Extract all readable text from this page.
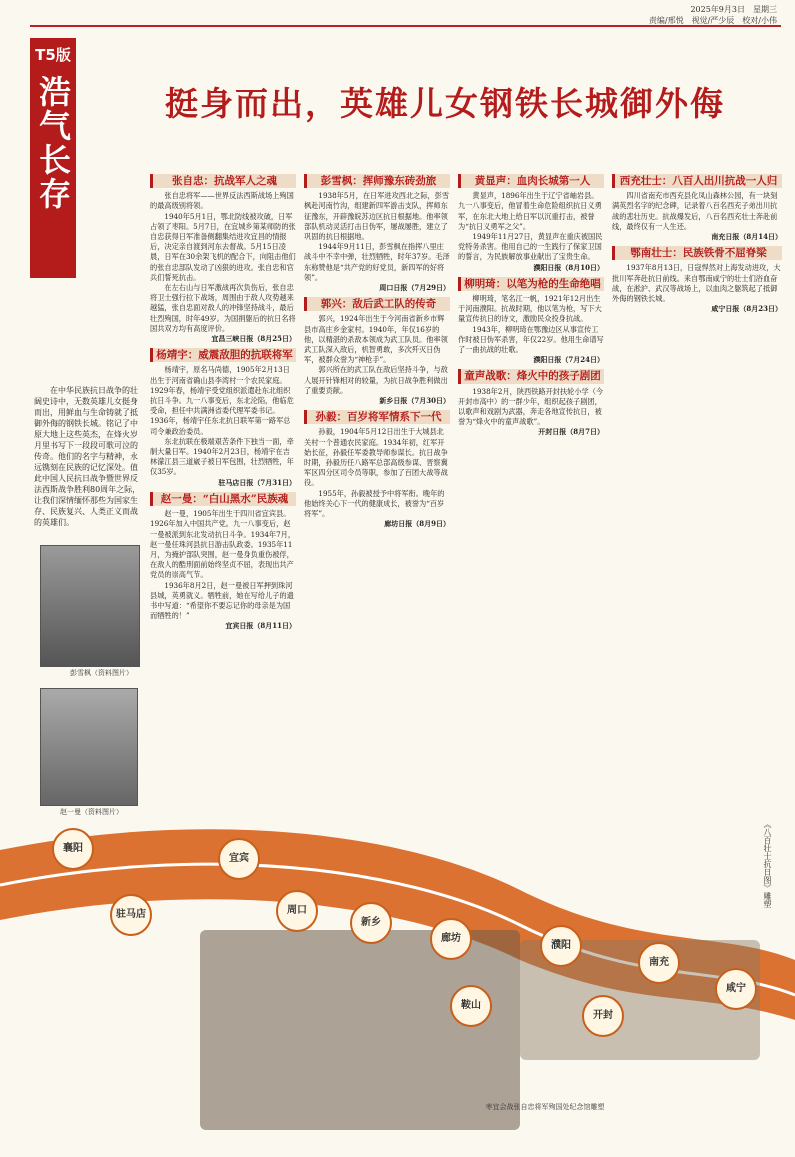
2025年9月3日　星期三
责编/邢悦　视觉/严少辰　校对/小伟
T5版
浩气长存	挺身而出，英雄儿女钢铁长城御外侮
在中华民族抗日战争的壮阔史诗中，无数英雄儿女挺身而出，用鲜血与生命铸就了抵御外侮的钢铁长城。铭记了中原大地上这些英杰，在烽火岁月里书写下一段段可歌可泣的传奇。他们的名字与精神，永远镌刻在民族的记忆深处。值此中国人民抗日战争暨世界反法西斯战争胜利80周年之际，让我们深情缅怀那些为国家生存、民族复兴、人类正义而战的英雄们。
彭雪枫（资料图片）
赵一曼（资料图片）
张自忠：抗战军人之魂

张自忠将军——世界反法西斯战场上殉国的最高级别将领。

1940年5月1日，鄂北防线被攻破，日军占领了枣阳。5月7日，在宜城乡第某师防的张自忠获得日军准备侧翻集结进攻宜昌的情报后，决定亲自渡到河东去督战。5月15日凌晨，日军在30余架飞机的配合下，向阻击他们的张自忠部队发动了凶狠的进攻。张自忠和官兵们誓死抗击。

在左右山与日军激战再次负伤后，张自忠将卫士强行拉下战场，周围由于敌人攻势越来越猛，张自忠面对敌人的冲锋坚持战斗，最后壮烈殉国，时年49岁。为国捐躯后的抗日名将国共双方均有高度评价。

宜昌三峡日报（8月25日）
杨靖宇：威震敌胆的抗联将军

杨靖宇，原名马尚德，1905年2月13日出生于河南省确山县李湾村一个农民家庭。1929年春，杨靖宇受党组织派遣赴东北组织抗日斗争。九一八事变后，东北沦陷，他临危受命，担任中共满洲省委代理军委书记。1936年，杨靖宇任东北抗日联军第一路军总司令兼政治委员。

东北抗联在极端艰苦条件下独当一面，牵制大量日军。1940年2月23日，杨靖宇在吉林濛江县三道崴子被日军包围，壮烈牺牲，年仅35岁。

驻马店日报（7月31日）
赵一曼：“白山黑水”民族魂

赵一曼，1905年出生于四川省宜宾县。1926年加入中国共产党。九一八事变后，赵一曼被派到东北发动抗日斗争。1934年7月，赵一曼任珠河县抗日游击队政委。1935年11月，为掩护部队突围，赵一曼身负重伤被俘，在敌人的酷刑面前始终坚贞不屈，表现出共产党员的崇高气节。

1936年8月2日，赵一曼被日军押到珠河县城，英勇就义。牺牲前，她在写给儿子的遗书中写道：“希望你不要忘记你的母亲是为国而牺牲的！”

宜宾日报（8月11日）
彭雪枫：挥师豫东砖劲旅

1938年5月，在日军进攻西北之际，彭雪枫赴河南竹沟，组建新四军游击支队，挥师东征豫东，开辟豫皖苏边区抗日根据地。他率领部队机动灵活打击日伪军，屡战屡胜，建立了巩固的抗日根据地。

1944年9月11日，彭雪枫在指挥八里庄战斗中不幸中弹，壮烈牺牲，时年37岁。毛泽东称赞他是“共产党的好党员，新四军的好将领”。

周口日报（7月29日）
郭兴：敌后武工队的传奇

郭兴，1924年出生于今河南省新乡市辉县市高庄乡金家村。1940年，年仅16岁的他，以精湛的杀敌本领成为武工队员。他率领武工队深入敌后，机智勇敢，多次歼灭日伪军，被群众誉为“神枪手”。

郭兴所在的武工队在敌后坚持斗争，与敌人展开针锋相对的较量，为抗日战争胜利做出了重要贡献。

新乡日报（7月30日）
孙毅：百岁将军情系下一代

孙毅，1904年5月12日出生于大城县北关村一个普通农民家庭。1934年初，红军开始长征，孙毅任军委教导师参谋长。抗日战争时期，孙毅历任八路军总部高级参谋、晋察冀军区四分区司令员等职，参加了百团大战等战役。

1955年，孙毅被授予中将军衔。晚年的他始终关心下一代的健康成长，被誉为“百岁将军”。

廊坊日报（8月9日）
黄显声：血肉长城第一人

黄显声，1896年出生于辽宁省岫岩县。九一八事变后，他冒着生命危险组织抗日义勇军，在东北大地上给日军以沉重打击，被誉为“抗日义勇军之父”。

1949年11月27日，黄显声在重庆被国民党特务杀害。他用自己的一生践行了保家卫国的誓言，为民族解放事业献出了宝贵生命。

濮阳日报（8月10日）
柳明琦：以笔为枪的生命绝唱

柳明琦，笔名江一帆，1921年12月出生于河南濮阳。抗战时期，他以笔为枪，写下大量宣传抗日的诗文，激励民众投身抗战。

1943年，柳明琦在鄂豫边区从事宣传工作时被日伪军杀害，年仅22岁。他用生命谱写了一曲抗战的壮歌。

濮阳日报（7月24日）
童声战歌：烽火中的孩子剧团

1938年2月，陕西铁路开封扶轮小学（今开封市高中）的一群少年，组织起孩子剧团，以歌声和戏剧为武器，奔走各地宣传抗日，被誉为“烽火中的童声战歌”。

开封日报（8月7日）
西充壮士：八百人出川抗战一人归

四川省南充市西充县化凤山森林公园，有一块刻满英烈名字的纪念碑，记录着八百名西充子弟出川抗战的悲壮历史。抗战爆发后，八百名西充壮士奔赴前线，最终仅有一人生还。

南充日报（8月14日）
鄂南壮士：民族铁骨不屈脊梁

1937年8月13日，日寇悍然对上海发动进攻，大批川军奔赴抗日前线。来自鄂南咸宁的壮士们浴血奋战，在淞沪、武汉等战场上，以血肉之躯筑起了抵御外侮的钢铁长城。

咸宁日报（8月23日）
襄阳
驻马店
宜宾
周口
新乡
廊坊
鞍山
濮阳
开封
南充
咸宁
《八百壮士抗日图》雕塑
枣宜会战张自忠将军殉国处纪念馆雕塑
